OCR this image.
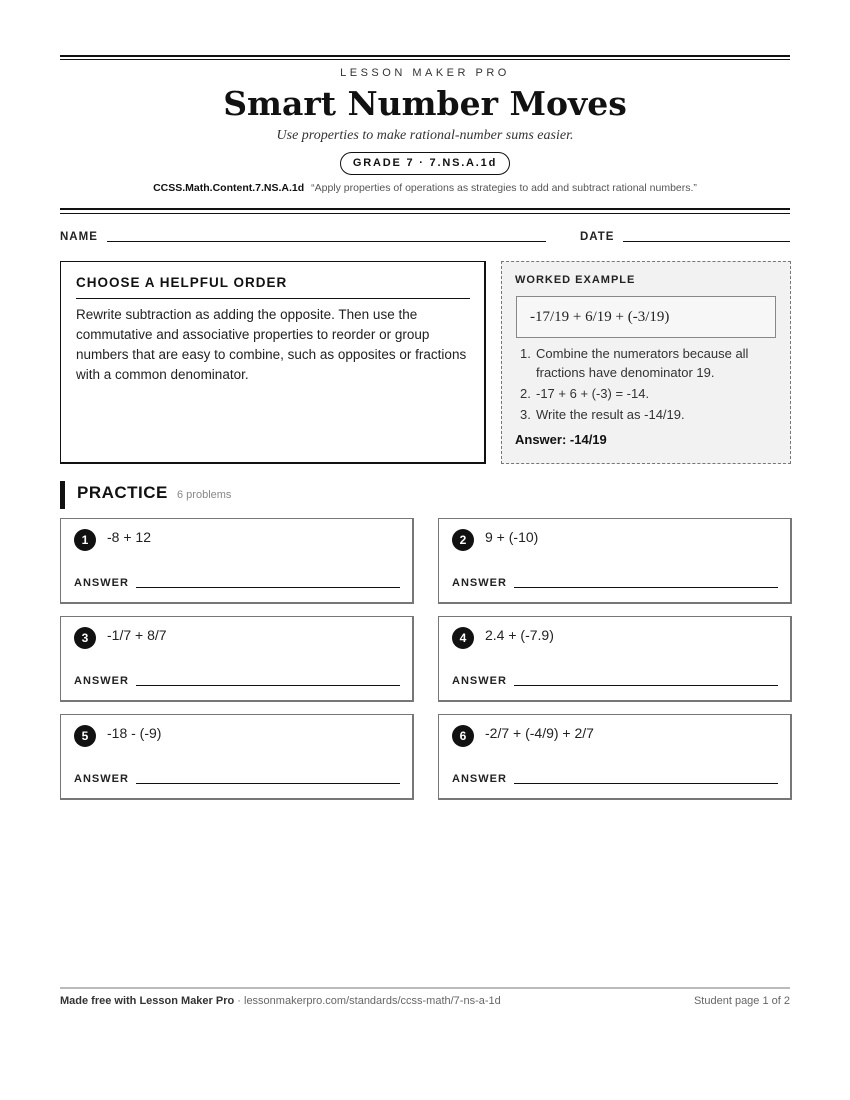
LESSON MAKER PRO
Smart Number Moves
Use properties to make rational-number sums easier.
GRADE 7 · 7.NS.A.1d
CCSS.Math.Content.7.NS.A.1d “Apply properties of operations as strategies to add and subtract rational numbers.”
NAME	DATE
CHOOSE A HELPFUL ORDER

Rewrite subtraction as adding the opposite. Then use the commutative and associative properties to reorder or group numbers that are easy to combine, such as opposites or fractions with a common denominator.

WORKED EXAMPLE
-17/19 + 6/19 + (-3/19)
1. Combine the numerators because all fractions have denominator 19.
2. -17 + 6 + (-3) = -14.
3. Write the result as -14/19.
Answer: -14/19
PRACTICE 6 problems
1	-8 + 12
ANSWER
2	9 + (-10)
ANSWER
3	-1/7 + 8/7
ANSWER
4	2.4 + (-7.9)
ANSWER
5	-18 - (-9)
ANSWER
6	-2/7 + (-4/9) + 2/7
ANSWER
Made free with Lesson Maker Pro · lessonmakerpro.com/standards/ccss-math/7-ns-a-1d	Student page 1 of 2
